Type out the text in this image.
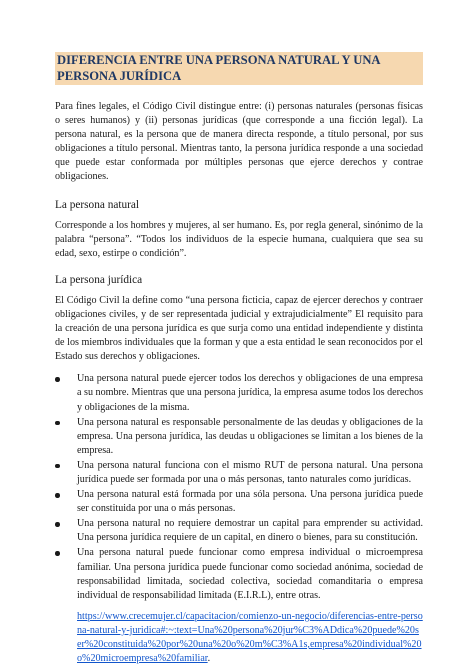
DIFERENCIA ENTRE UNA PERSONA NATURAL Y UNA PERSONA JURÍDICA

Para fines legales, el Código Civil distingue entre: (i) personas naturales (personas físicas o seres humanos) y (ii) personas jurídicas (que corresponde a una ficción legal). La persona natural, es la persona que de manera directa responde, a título personal, por sus obligaciones a título personal. Mientras tanto, la persona jurídica responde a una sociedad que puede estar conformada por múltiples personas que ejerce derechos y contrae obligaciones.

La persona natural

Corresponde a los hombres y mujeres, al ser humano. Es, por regla general, sinónimo de la palabra “persona”. “Todos los individuos de la especie humana, cualquiera que sea su edad, sexo, estirpe o condición”.

La persona jurídica

El Código Civil la define como “una persona ficticia, capaz de ejercer derechos y contraer obligaciones civiles, y de ser representada judicial y extrajudicialmente” El requisito para la creación de una persona jurídica es que surja como una entidad independiente y distinta de los miembros individuales que la forman y que a esta entidad le sean reconocidos por el Estado sus derechos y obligaciones.

Una persona natural puede ejercer todos los derechos y obligaciones de una empresa a su nombre. Mientras que una persona jurídica, la empresa asume todos los derechos y obligaciones de la misma.
Una persona natural es responsable personalmente de las deudas y obligaciones de la empresa. Una persona jurídica, las deudas u obligaciones se limitan a los bienes de la empresa.
Una persona natural funciona con el mismo RUT de persona natural. Una persona jurídica puede ser formada por una o más personas, tanto naturales como jurídicas.
Una persona natural está formada por una sóla persona. Una persona jurídica puede ser constituida por una o más personas.
Una persona natural no requiere demostrar un capital para emprender su actividad. Una persona jurídica requiere de un capital, en dinero o bienes, para su constitución.
Una persona natural puede funcionar como empresa individual o microempresa familiar. Una persona jurídica puede funcionar como sociedad anónima, sociedad de responsabilidad limitada, sociedad colectiva, sociedad comanditaria o empresa individual de responsabilidad limitada (E.I.R.L), entre otras.

https://www.crecemujer.cl/capacitacion/comienzo-un-negocio/diferencias-entre-persona-natural-y-juridica#:~:text=Una%20persona%20jur%C3%ADdica%20puede%20ser%20constituida%20por%20una%20o%20m%C3%A1s,empresa%20individual%20o%20microempresa%20familiar.
